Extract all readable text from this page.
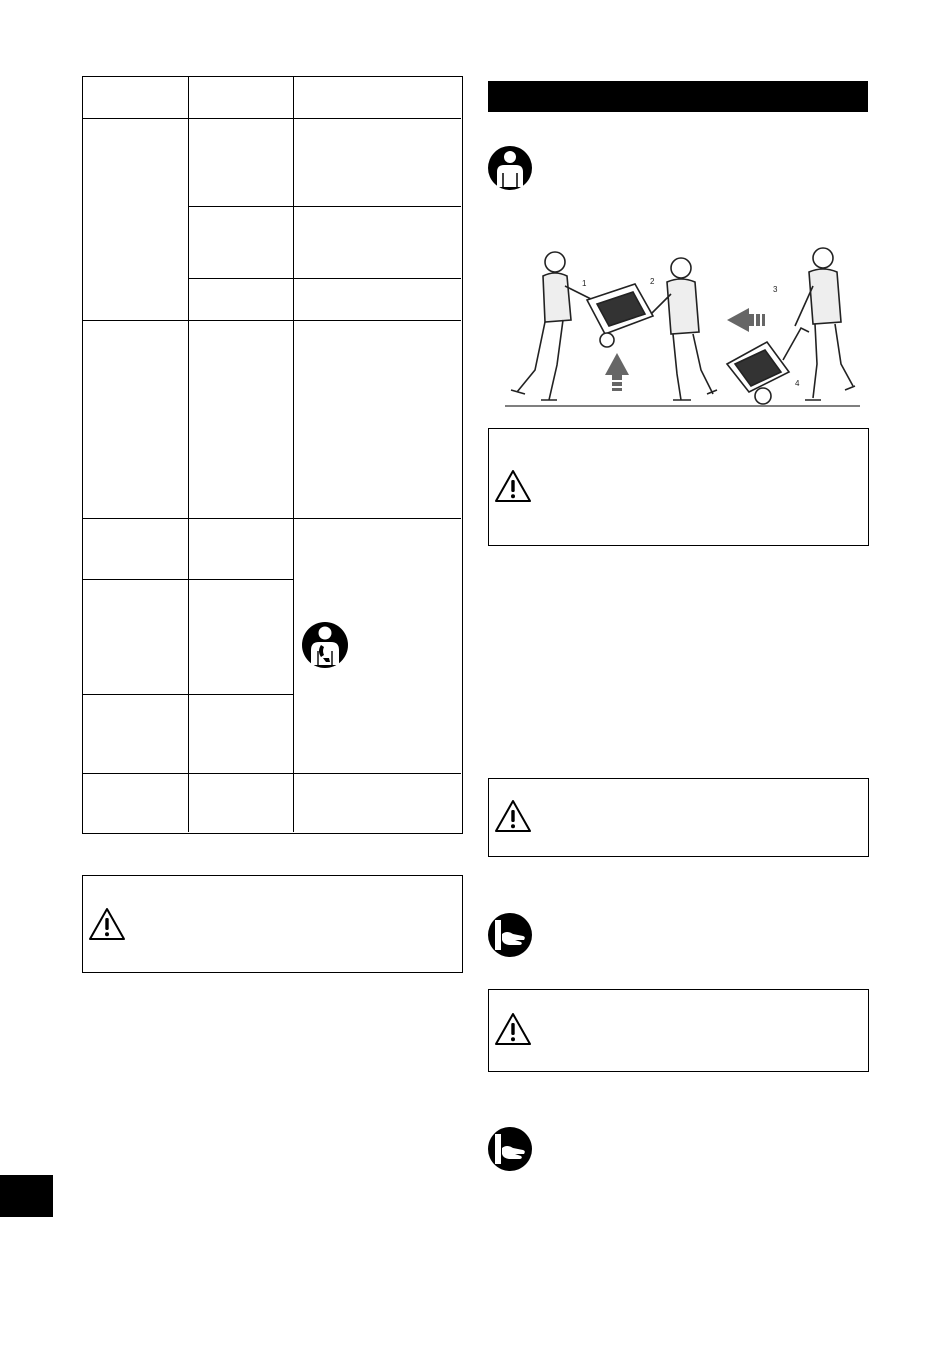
1	2
3
4
